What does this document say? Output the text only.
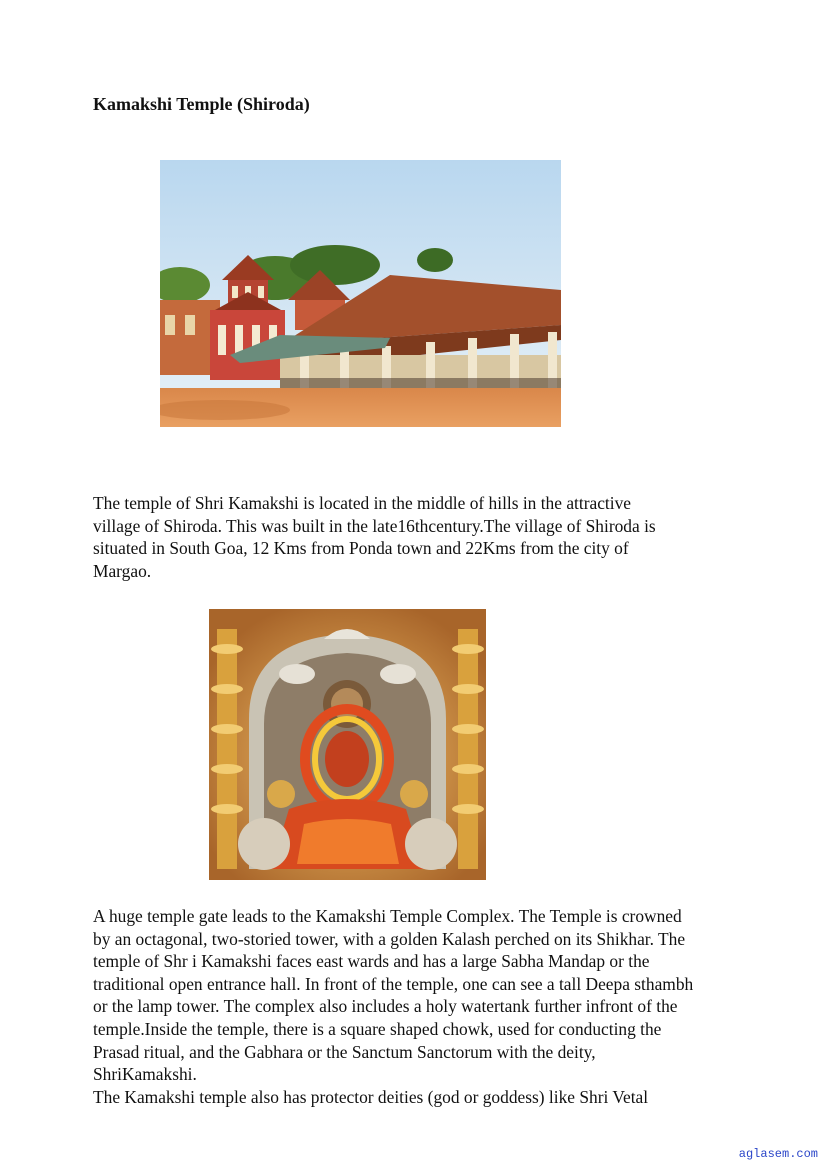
Kamakshi Temple (Shiroda)

The temple of Shri Kamakshi is located in the middle of hills in the attractive
village of Shiroda. This was built in the late16thcentury.The village of Shiroda is
situated in South Goa, 12 Kms from Ponda town and 22Kms from the city of
Margao.

A huge temple gate leads to the Kamakshi Temple Complex. The Temple is crowned
by an octagonal, two-storied tower, with a golden Kalash perched on its Shikhar. The
temple of Shr i Kamakshi faces east wards and has a large Sabha Mandap or the
traditional open entrance hall. In front of the temple, one can see a tall Deepa sthambh
or the lamp tower. The complex also includes a holy watertank further infront of the
temple.Inside the temple, there is a square shaped chowk, used for conducting the
Prasad ritual, and the Gabhara or the Sanctum Sanctorum with the deity,
ShriKamakshi.
The Kamakshi temple also has protector deities (god or goddess) like Shri Vetal

aglasem.com
